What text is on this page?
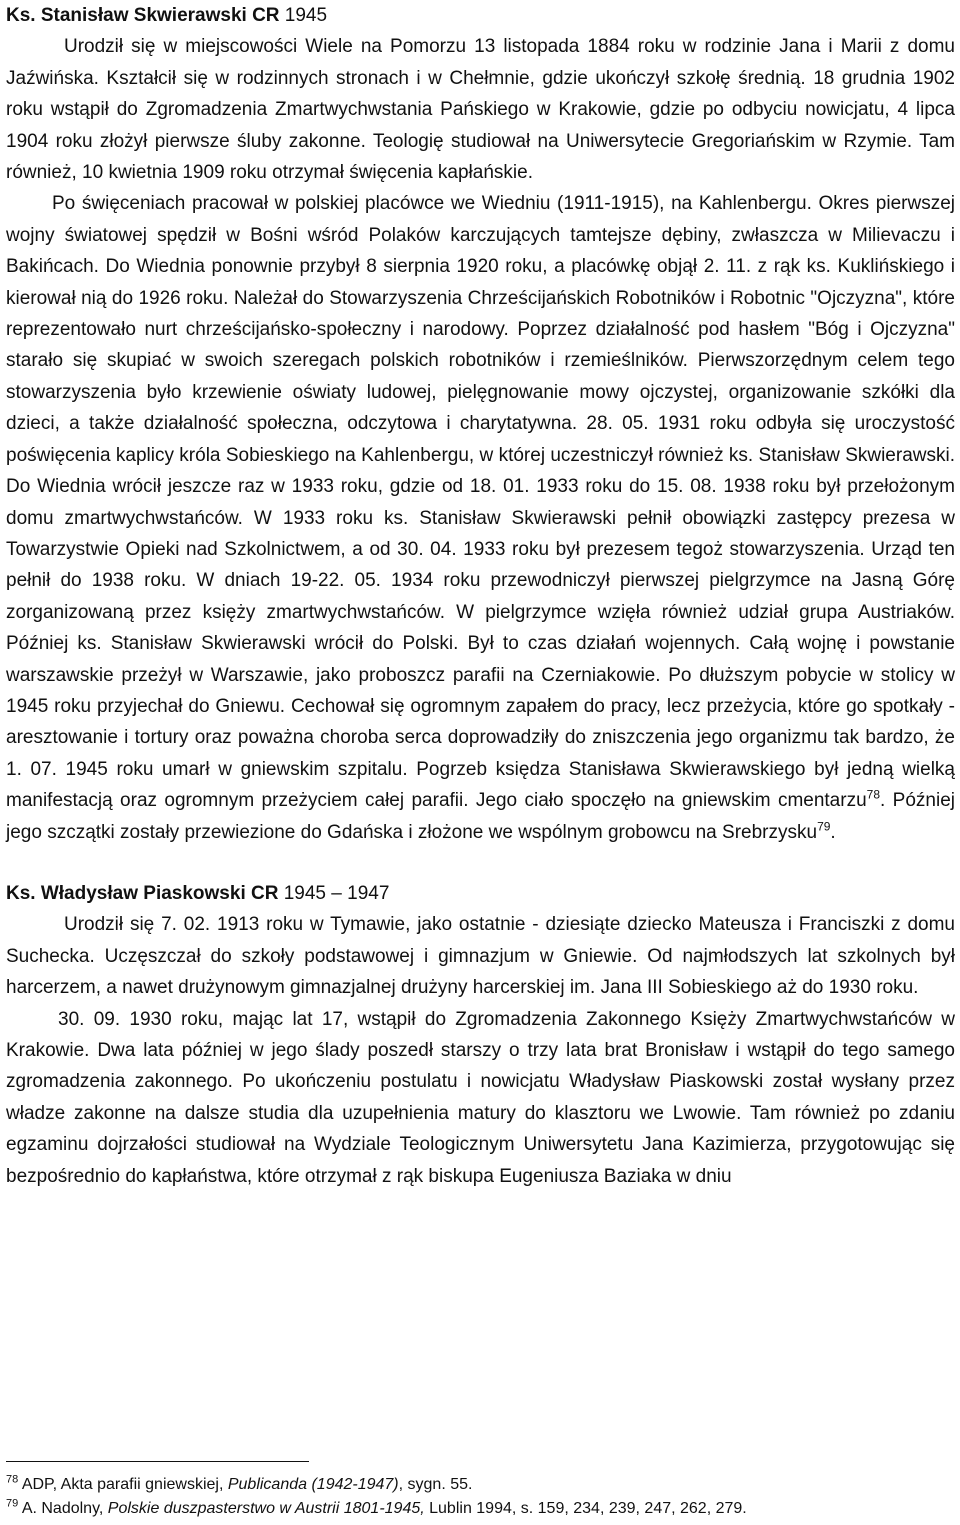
Ks. Stanisław Skwierawski CR 1945

Urodził się w miejscowości Wiele na Pomorzu 13 listopada 1884 roku w rodzinie Jana i Marii z domu Jaźwińska. Kształcił się w rodzinnych stronach i w Chełmnie, gdzie ukończył szkołę średnią. 18 grudnia 1902 roku wstąpił do Zgromadzenia Zmartwychwstania Pańskiego w Krakowie, gdzie po odbyciu nowicjatu, 4 lipca 1904 roku złożył pierwsze śluby zakonne. Teologię studiował na Uniwersytecie Gregoriańskim w Rzymie. Tam również, 10 kwietnia 1909 roku otrzymał święcenia kapłańskie.

Po święceniach pracował w polskiej placówce we Wiedniu (1911-1915), na Kahlenbergu. Okres pierwszej wojny światowej spędził w Bośni wśród Polaków karczujących tamtejsze dębiny, zwłaszcza w Milievaczu i Bakińcach. Do Wiednia ponownie przybył 8 sierpnia 1920 roku, a placówkę objął 2. 11. z rąk ks. Kuklińskiego i kierował nią do 1926 roku. Należał do Stowarzyszenia Chrześcijańskich Robotników i Robotnic "Ojczyzna", które reprezentowało nurt chrześcijańsko-społeczny i narodowy. Poprzez działalność pod hasłem "Bóg i Ojczyzna" starało się skupiać w swoich szeregach polskich robotników i rzemieślników. Pierwszorzędnym celem tego stowarzyszenia było krzewienie oświaty ludowej, pielęgnowanie mowy ojczystej, organizowanie szkółki dla dzieci, a także działalność społeczna, odczytowa i charytatywna. 28. 05. 1931 roku odbyła się uroczystość poświęcenia kaplicy króla Sobieskiego na Kahlenbergu, w której uczestniczył również ks. Stanisław Skwierawski. Do Wiednia wrócił jeszcze raz w 1933 roku, gdzie od 18. 01. 1933 roku do 15. 08. 1938 roku był przełożonym domu zmartwychwstańców. W 1933 roku ks. Stanisław Skwierawski pełnił obowiązki zastępcy prezesa w Towarzystwie Opieki nad Szkolnictwem, a od 30. 04. 1933 roku był prezesem tegoż stowarzyszenia. Urząd ten pełnił do 1938 roku. W dniach 19-22. 05. 1934 roku przewodniczył pierwszej pielgrzymce na Jasną Górę zorganizowaną przez księży zmartwychwstańców. W pielgrzymce wzięła również udział grupa Austriaków. Później ks. Stanisław Skwierawski wrócił do Polski. Był to czas działań wojennych. Całą wojnę i powstanie warszawskie przeżył w Warszawie, jako proboszcz parafii na Czerniakowie. Po dłuższym pobycie w stolicy w 1945 roku przyjechał do Gniewu. Cechował się ogromnym zapałem do pracy, lecz przeżycia, które go spotkały - aresztowanie i tortury oraz poważna choroba serca doprowadziły do zniszczenia jego organizmu tak bardzo, że 1. 07. 1945 roku umarł w gniewskim szpitalu. Pogrzeb księdza Stanisława Skwierawskiego był jedną wielką manifestacją oraz ogromnym przeżyciem całej parafii. Jego ciało spoczęło na gniewskim cmentarzu$^{78}$. Później jego szczątki zostały przewiezione do Gdańska i złożone we wspólnym grobowcu na Srebrzysku$^{79}$.

Ks. Władysław Piaskowski CR 1945 – 1947

Urodził się 7. 02. 1913 roku w Tymawie, jako ostatnie - dziesiąte dziecko Mateusza i Franciszki z domu Suchecka. Uczęszczał do szkoły podstawowej i gimnazjum w Gniewie. Od najmłodszych lat szkolnych był harcerzem, a nawet drużynowym gimnazjalnej drużyny harcerskiej im. Jana III Sobieskiego aż do 1930 roku.

30. 09. 1930 roku, mając lat 17, wstąpił do Zgromadzenia Zakonnego Księży Zmartwychwstańców w Krakowie. Dwa lata później w jego ślady poszedł starszy o trzy lata brat Bronisław i wstąpił do tego samego zgromadzenia zakonnego. Po ukończeniu postulatu i nowicjatu Władysław Piaskowski został wysłany przez władze zakonne na dalsze studia dla uzupełnienia matury do klasztoru we Lwowie. Tam również po zdaniu egzaminu dojrzałości studiował na Wydziale Teologicznym Uniwersytetu Jana Kazimierza, przygotowując się bezpośrednio do kapłaństwa, które otrzymał z rąk biskupa Eugeniusza Baziaka w dniu

$^{78}$ ADP, Akta parafii gniewskiej, Publicanda (1942-1947), sygn. 55.

$^{79}$ A. Nadolny, Polskie duszpasterstwo w Austrii 1801-1945, Lublin 1994, s. 159, 234, 239, 247, 262, 279.
